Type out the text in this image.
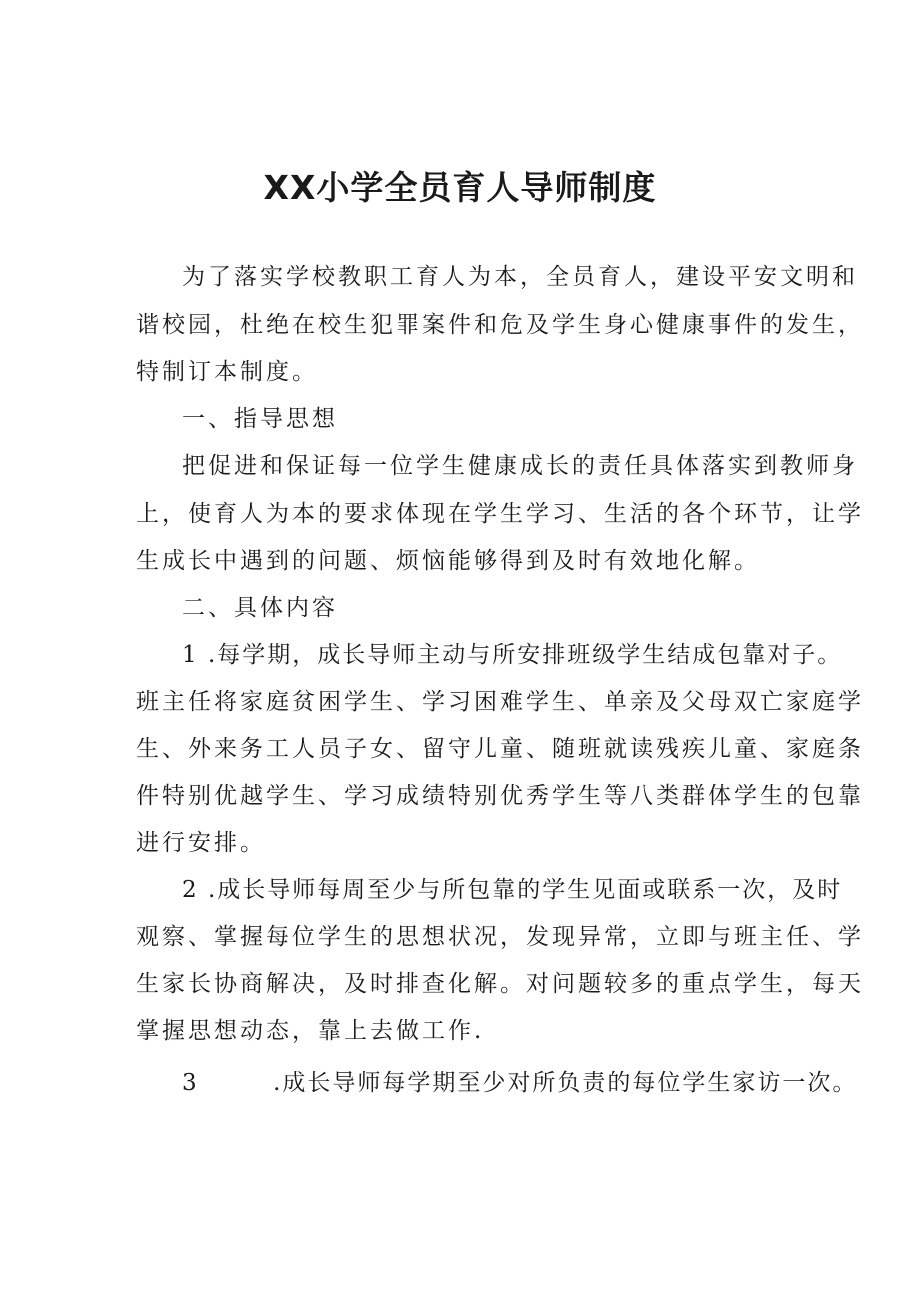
XX小学全员育人导师制度
为了落实学校教职工育人为本，全员育人，建设平安文明和
谐校园，杜绝在校生犯罪案件和危及学生身心健康事件的发生，
特制订本制度。
一、指导思想
把促进和保证每一位学生健康成长的责任具体落实到教师身
上，使育人为本的要求体现在学生学习、生活的各个环节，让学
生成长中遇到的问题、烦恼能够得到及时有效地化解。
二、具体内容
1 .每学期，成长导师主动与所安排班级学生结成包靠对子。
班主任将家庭贫困学生、学习困难学生、单亲及父母双亡家庭学
生、外来务工人员子女、留守儿童、随班就读残疾儿童、家庭条
件特别优越学生、学习成绩特别优秀学生等八类群体学生的包靠
进行安排。
2 .成长导师每周至少与所包靠的学生见面或联系一次，及时
观察、掌握每位学生的思想状况，发现异常，立即与班主任、学
生家长协商解决，及时排查化解。对问题较多的重点学生，每天
掌握思想动态，靠上去做工作.
3        .成长导师每学期至少对所负责的每位学生家访一次。
